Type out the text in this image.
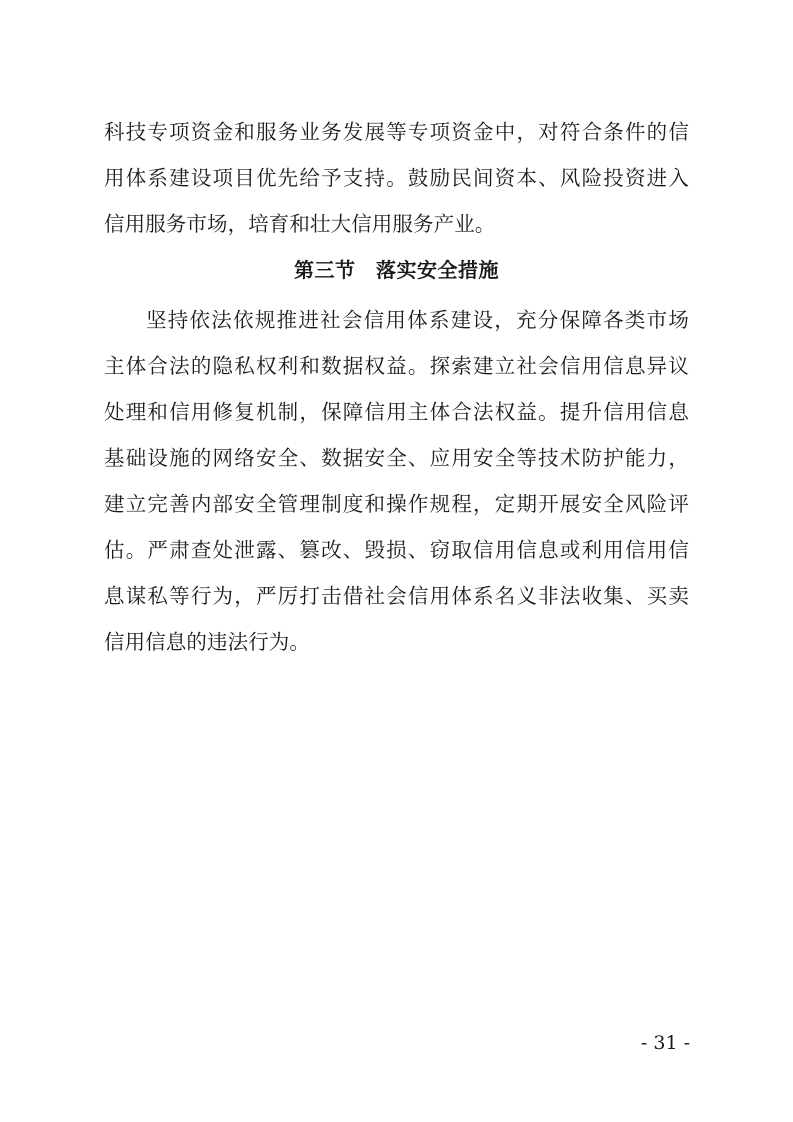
科技专项资金和服务业务发展等专项资金中，对符合条件的信
用体系建设项目优先给予支持。鼓励民间资本、风险投资进入
信用服务市场，培育和壮大信用服务产业。
第三节　落实安全措施
坚持依法依规推进社会信用体系建设，充分保障各类市场
主体合法的隐私权利和数据权益。探索建立社会信用信息异议
处理和信用修复机制，保障信用主体合法权益。提升信用信息
基础设施的网络安全、数据安全、应用安全等技术防护能力，
建立完善内部安全管理制度和操作规程，定期开展安全风险评
估。严肃查处泄露、篡改、毁损、窃取信用信息或利用信用信
息谋私等行为，严厉打击借社会信用体系名义非法收集、买卖
信用信息的违法行为。
- 31 -
